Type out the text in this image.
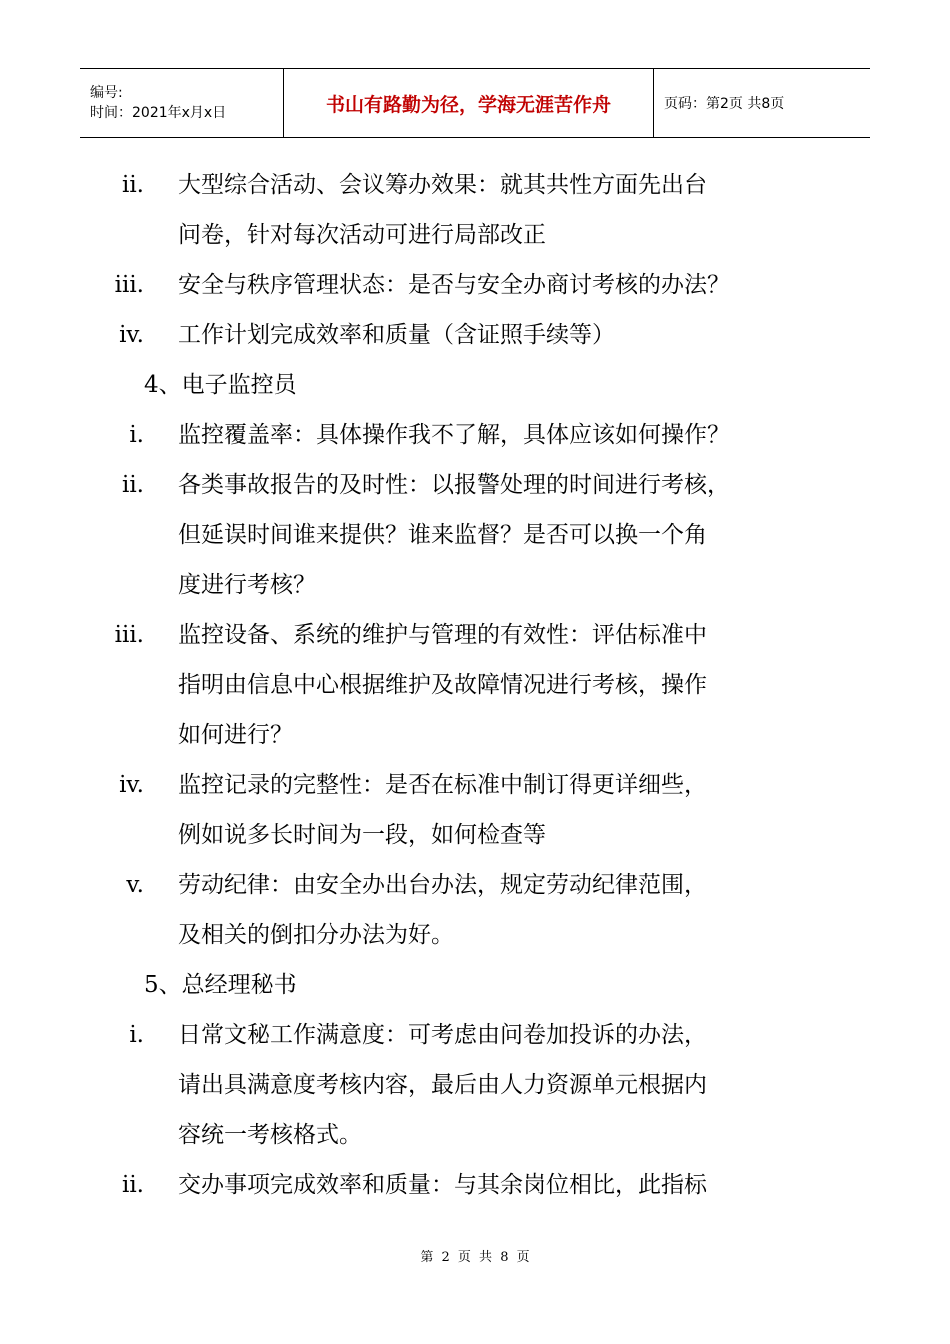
编号:
时间：2021年x月x日	书山有路勤为径，学海无涯苦作舟	页码：第2页 共8页
ii.	大型综合活动、会议筹办效果：就其共性方面先出台
问卷，针对每次活动可进行局部改正
iii.	安全与秩序管理状态：是否与安全办商讨考核的办法？
iv.	工作计划完成效率和质量（含证照手续等）
4、电子监控员
i.	监控覆盖率：具体操作我不了解，具体应该如何操作？
ii.	各类事故报告的及时性：以报警处理的时间进行考核，
但延误时间谁来提供？谁来监督？是否可以换一个角
度进行考核？
iii.	监控设备、系统的维护与管理的有效性：评估标准中
指明由信息中心根据维护及故障情况进行考核，操作
如何进行？
iv.	监控记录的完整性：是否在标准中制订得更详细些，
例如说多长时间为一段，如何检查等
v.	劳动纪律：由安全办出台办法，规定劳动纪律范围，
及相关的倒扣分办法为好。
5、总经理秘书
i.	日常文秘工作满意度：可考虑由问卷加投诉的办法，
请出具满意度考核内容，最后由人力资源单元根据内
容统一考核格式。
ii.	交办事项完成效率和质量：与其余岗位相比，此指标
第 2 页 共 8 页
